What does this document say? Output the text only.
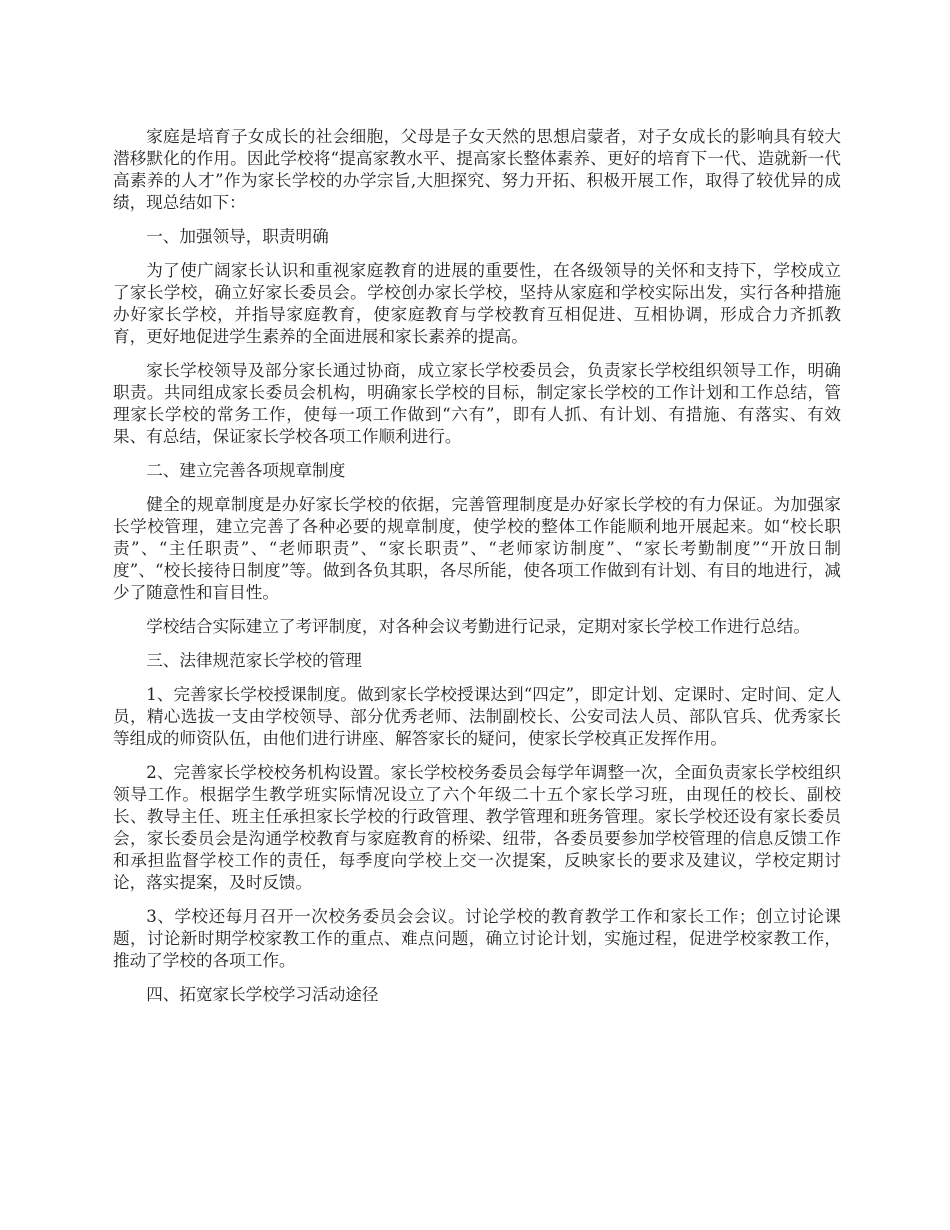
家庭是培育子女成长的社会细胞，父母是子女天然的思想启蒙者，对子女成长的影响具有较大潜移默化的作用。因此学校将“提高家教水平、提高家长整体素养、更好的培育下一代、造就新一代高素养的人才”作为家长学校的办学宗旨,大胆探究、努力开拓、积极开展工作，取得了较优异的成绩，现总结如下：

一、加强领导，职责明确

为了使广阔家长认识和重视家庭教育的进展的重要性，在各级领导的关怀和支持下，学校成立了家长学校，确立好家长委员会。学校创办家长学校，坚持从家庭和学校实际出发，实行各种措施办好家长学校，并指导家庭教育，使家庭教育与学校教育互相促进、互相协调，形成合力齐抓教育，更好地促进学生素养的全面进展和家长素养的提高。

家长学校领导及部分家长通过协商，成立家长学校委员会，负责家长学校组织领导工作，明确职责。共同组成家长委员会机构，明确家长学校的目标，制定家长学校的工作计划和工作总结，管理家长学校的常务工作，使每一项工作做到“六有”，即有人抓、有计划、有措施、有落实、有效果、有总结，保证家长学校各项工作顺利进行。

二、建立完善各项规章制度

健全的规章制度是办好家长学校的依据，完善管理制度是办好家长学校的有力保证。为加强家长学校管理，建立完善了各种必要的规章制度，使学校的整体工作能顺利地开展起来。如“校长职责”、“主任职责”、“老师职责”、“家长职责”、“老师家访制度”、“家长考勤制度”“开放日制度”、“校长接待日制度”等。做到各负其职，各尽所能，使各项工作做到有计划、有目的地进行，减少了随意性和盲目性。

学校结合实际建立了考评制度，对各种会议考勤进行记录，定期对家长学校工作进行总结。

三、法律规范家长学校的管理

1、完善家长学校授课制度。做到家长学校授课达到“四定”，即定计划、定课时、定时间、定人员，精心选拔一支由学校领导、部分优秀老师、法制副校长、公安司法人员、部队官兵、优秀家长等组成的师资队伍，由他们进行讲座、解答家长的疑问，使家长学校真正发挥作用。

2、完善家长学校校务机构设置。家长学校校务委员会每学年调整一次，全面负责家长学校组织领导工作。根据学生教学班实际情况设立了六个年级二十五个家长学习班，由现任的校长、副校长、教导主任、班主任承担家长学校的行政管理、教学管理和班务管理。家长学校还设有家长委员会，家长委员会是沟通学校教育与家庭教育的桥梁、纽带，各委员要参加学校管理的信息反馈工作和承担监督学校工作的责任，每季度向学校上交一次提案，反映家长的要求及建议，学校定期讨论，落实提案，及时反馈。

3、学校还每月召开一次校务委员会会议。讨论学校的教育教学工作和家长工作；创立讨论课题，讨论新时期学校家教工作的重点、难点问题，确立讨论计划，实施过程，促进学校家教工作，推动了学校的各项工作。

四、拓宽家长学校学习活动途径
